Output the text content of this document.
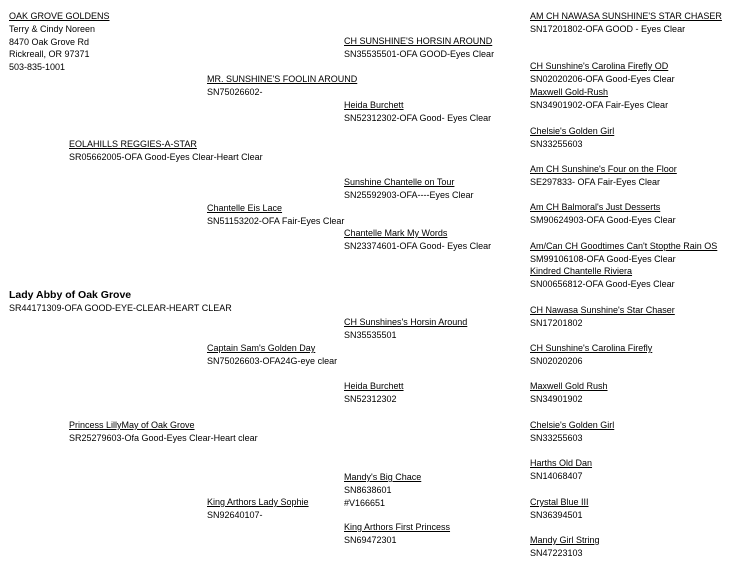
OAK GROVE GOLDENS
Terry & Cindy Noreen
8470 Oak Grove Rd
Rickreall, OR 97371
503-835-1001
Lady Abby of Oak Grove
SR44171309-OFA GOOD-EYE-CLEAR-HEART CLEAR
EOLAHILLS REGGIES-A-STAR
SR05662005-OFA Good-Eyes Clear-Heart Clear
MR. SUNSHINE'S FOOLIN AROUND
SN75026602-
Chantelle Eis Lace
SN51153202-OFA Fair-Eyes Clear
CH SUNSHINE'S HORSIN AROUND
SN35535501-OFA GOOD-Eyes Clear
Heida Burchett
SN52312302-OFA Good- Eyes Clear
Sunshine Chantelle on Tour
SN25592903-OFA----Eyes Clear
Chantelle Mark My Words
SN23374601-OFA Good- Eyes Clear
Princess LillyMay of Oak Grove
SR25279603-Ofa Good-Eyes Clear-Heart clear
Captain Sam's Golden Day
SN75026603-OFA24G-eye clear
King Arthors Lady Sophie
SN92640107-
CH Sunshines's Horsin Around
SN35535501
Heida Burchett
SN52312302
Mandy's Big Chace
SN8638601
#V166651
King Arthors First Princess
SN69472301
AM CH NAWASA SUNSHINE'S STAR CHASER
SN17201802-OFA GOOD - Eyes Clear
CH Sunshine's Carolina Firefly OD
SN02020206-OFA Good-Eyes Clear
Maxwell Gold-Rush
SN34901902-OFA Fair-Eyes Clear
Chelsie's Golden Girl
SN33255603
Am CH Sunshine's Four on the Floor
SE297833- OFA Fair-Eyes Clear
Am CH Balmoral's Just Desserts
SM90624903-OFA Good-Eyes Clear
Am/Can CH Goodtimes Can't Stopthe Rain OS
SM99106108-OFA Good-Eyes Clear
Kindred Chantelle Riviera
SN00656812-OFA Good-Eyes Clear
CH Nawasa Sunshine's Star Chaser
SN17201802
CH Sunshine's Carolina Firefly
SN02020206
Maxwell Gold Rush
SN34901902
Chelsie's Golden Girl
SN33255603
Harths Old Dan
SN14068407
Crystal Blue III
SN36394501
Mandy Girl String
SN47223103
